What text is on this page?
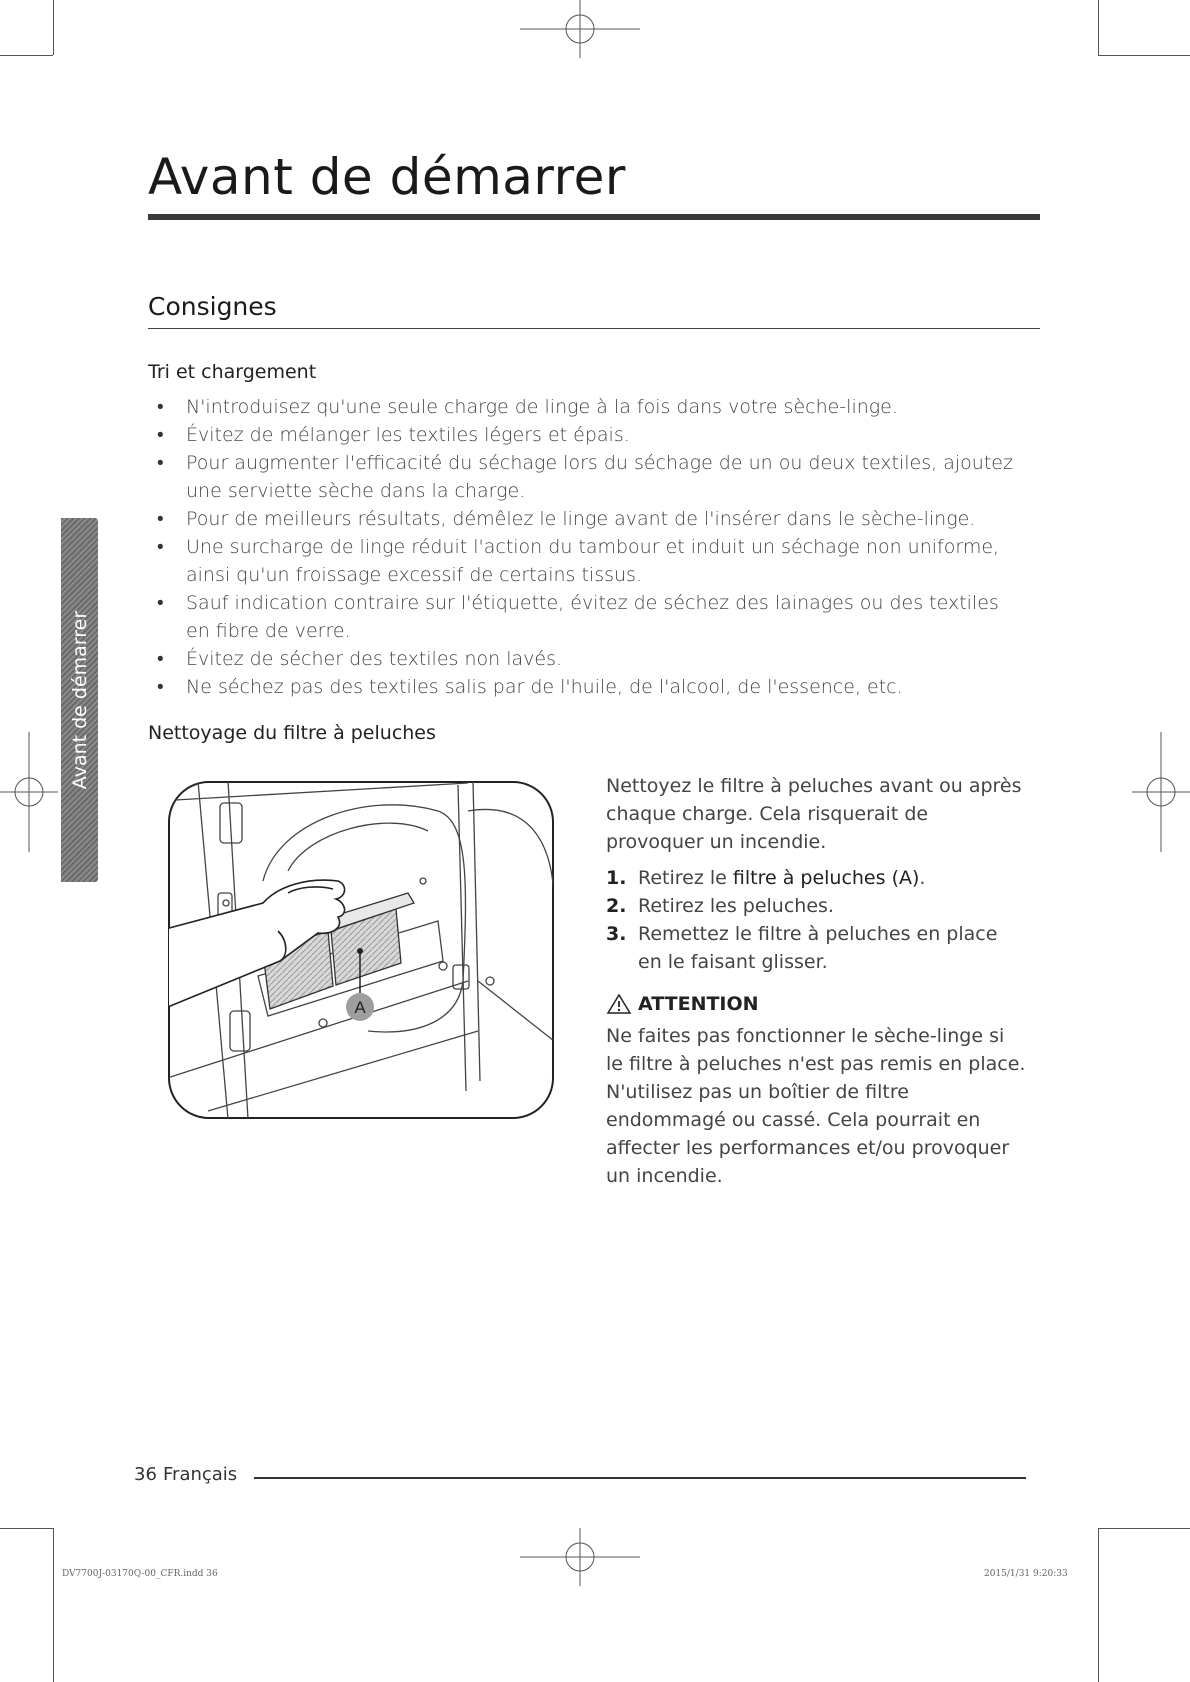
Avant de démarrer
Avant de démarrer
Consignes

Tri et chargement

• N'introduisez qu'une seule charge de linge à la fois dans votre sèche-linge.
• Évitez de mélanger les textiles légers et épais.
• Pour augmenter l'efficacité du séchage lors du séchage de un ou deux textiles, ajoutez une serviette sèche dans la charge.
• Pour de meilleurs résultats, démêlez le linge avant de l'insérer dans le sèche-linge.
• Une surcharge de linge réduit l'action du tambour et induit un séchage non uniforme, ainsi qu'un froissage excessif de certains tissus.
• Sauf indication contraire sur l'étiquette, évitez de séchez des lainages ou des textiles en fibre de verre.
• Évitez de sécher des textiles non lavés.
• Ne séchez pas des textiles salis par de l'huile, de l'alcool, de l'essence, etc.

Nettoyage du filtre à peluches

A

Nettoyez le filtre à peluches avant ou après chaque charge. Cela risquerait de provoquer un incendie.

1. Retirez le filtre à peluches (A).
2. Retirez les peluches.
3. Remettez le filtre à peluches en place en le faisant glisser.
ATTENTION

Ne faites pas fonctionner le sèche-linge si le filtre à peluches n'est pas remis en place. N'utilisez pas un boîtier de filtre endommagé ou cassé. Cela pourrait en affecter les performances et/ou provoquer un incendie.

36 Français
DV7700J-03170Q-00_CFR.indd 36	2015/1/31 9:20:33
